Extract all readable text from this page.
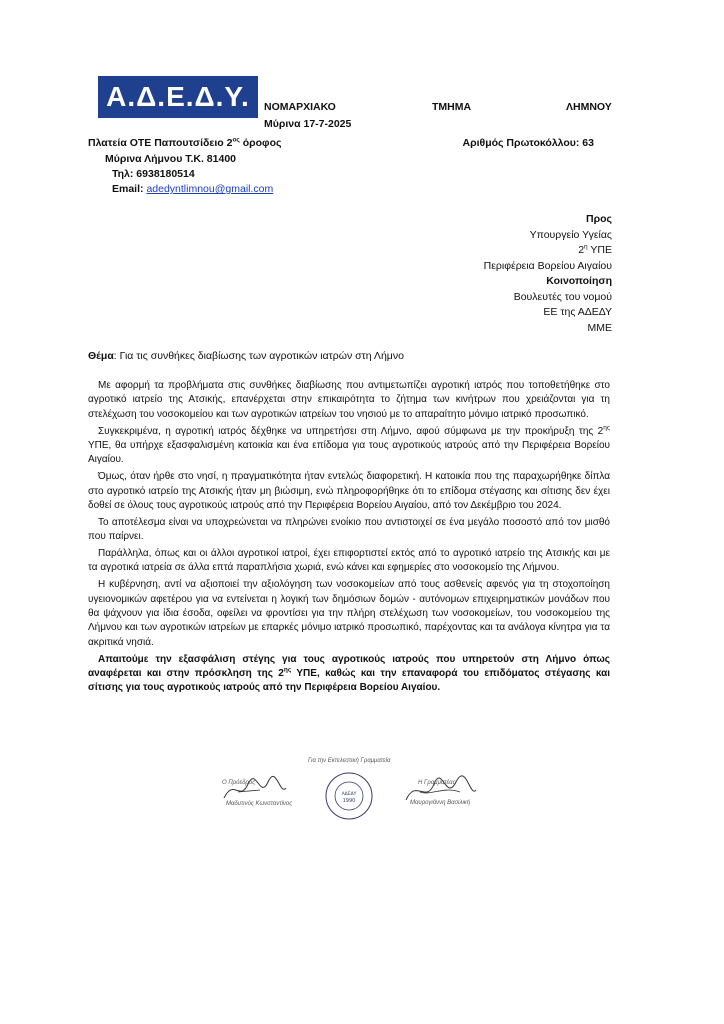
Α.Δ.Ε.Δ.Υ.	ΝΟΜΑΡΧΙΑΚΟ	ΤΜΗΜΑ	ΛΗΜΝΟΥ
Μύρινα 17-7-2025
Πλατεία ΟΤΕ Παπουτσίδειο $2^{o\varsigma}$ όροφος
Μύρινα Λήμνου Τ.Κ. 81400
Τηλ: 6938180514
Email: adedyntlimnou@gmail.com
Αριθμός Πρωτοκόλλου: 63
Προς
Υπουργείο Υγείας
$2^\eta$ ΥΠΕ
Περιφέρεια Βορείου Αιγαίου
Κοινοποίηση
Βουλευτές του νομού
ΕΕ της ΑΔΕΔΥ
ΜΜΕ
Θέμα: Για τις συνθήκες διαβίωσης των αγροτικών ιατρών στη Λήμνο

Με αφορμή τα προβλήματα στις συνθήκες διαβίωσης που αντιμετωπίζει αγροτική ιατρός που τοποθετήθηκε στο αγροτικό ιατρείο της Ατσικής, επανέρχεται στην επικαιρότητα το ζήτημα των κινήτρων που χρειάζονται για τη στελέχωση του νοσοκομείου και των αγροτικών ιατρείων του νησιού με το απαραίτητο μόνιμο ιατρικό προσωπικό.

Συγκεκριμένα, η αγροτική ιατρός δέχθηκε να υπηρετήσει στη Λήμνο, αφού σύμφωνα με την προκήρυξη της $2^{\eta\varsigma}$ ΥΠΕ, θα υπήρχε εξασφαλισμένη κατοικία και ένα επίδομα για τους αγροτικούς ιατρούς από την Περιφέρεια Βορείου Αιγαίου.

Όμως, όταν ήρθε στο νησί, η πραγματικότητα ήταν εντελώς διαφορετική. Η κατοικία που της παραχωρήθηκε δίπλα στο αγροτικό ιατρείο της Ατσικής ήταν μη βιώσιμη, ενώ πληροφορήθηκε ότι το επίδομα στέγασης και σίτισης δεν έχει δοθεί σε όλους τους αγροτικούς ιατρούς από την Περιφέρεια Βορείου Αιγαίου, από τον Δεκέμβριο του 2024.

Το αποτέλεσμα είναι να υποχρεώνεται να πληρώνει ενοίκιο που αντιστοιχεί σε ένα μεγάλο ποσοστό από τον μισθό που παίρνει.

Παράλληλα, όπως και οι άλλοι αγροτικοί ιατροί, έχει επιφορτιστεί εκτός από το αγροτικό ιατρείο της Ατσικής και με τα αγροτικά ιατρεία σε άλλα επτά παραπλήσια χωριά, ενώ κάνει και εφημερίες στο νοσοκομείο της Λήμνου.

Η κυβέρνηση, αντί να αξιοποιεί την αξιολόγηση των νοσοκομείων από τους ασθενείς αφενός για τη στοχοποίηση υγειονομικών αφετέρου για να εντείνεται η λογική των δημόσιων δομών - αυτόνομων επιχειρηματικών μονάδων που θα ψάχνουν για ίδια έσοδα, οφείλει να φροντίσει για την πλήρη στελέχωση των νοσοκομείων, του νοσοκομείου της Λήμνου και των αγροτικών ιατρείων με επαρκές μόνιμο ιατρικό προσωπικό, παρέχοντας και τα ανάλογα κίνητρα για τα ακριτικά νησιά.

Απαιτούμε την εξασφάλιση στέγης για τους αγροτικούς ιατρούς που υπηρετούν στη Λήμνο όπως αναφέρεται και στην πρόσκληση της $2^{\eta\varsigma}$ ΥΠΕ, καθώς και την επαναφορά του επιδόματος στέγασης και σίτισης για τους αγροτικούς ιατρούς από την Περιφέρεια Βορείου Αιγαίου.

Για την Εκτελεστική Γραμματεία
Ο Πρόεδρος
Μαδυτινός Κωνσταντίνος
ΑΔΕΔΥ
1990
Η Γραμματέας
Μαυρογιάννη Βασιλική
